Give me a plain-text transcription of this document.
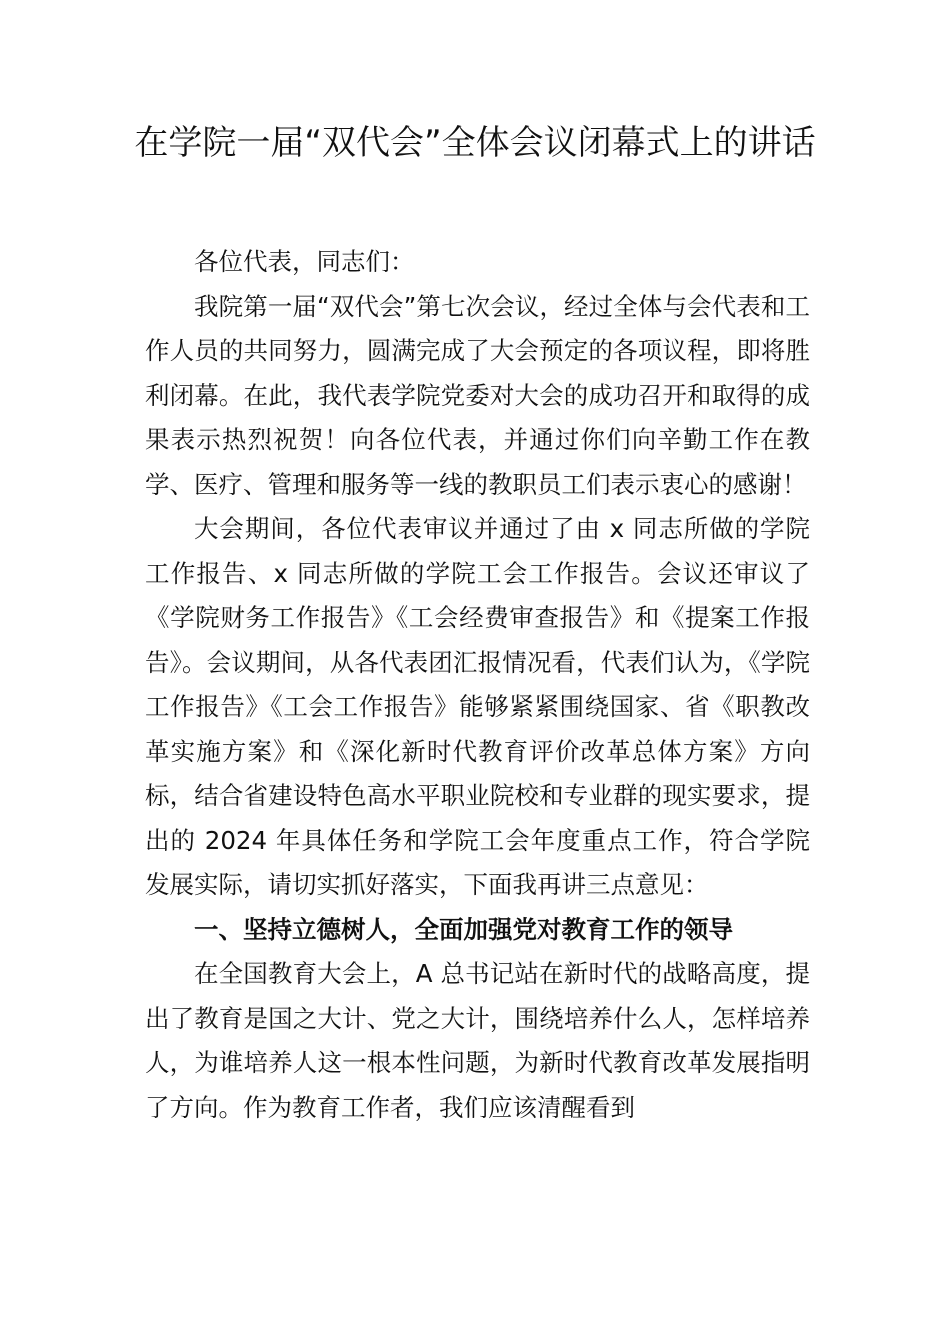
在学院一届“双代会”全体会议闭幕式上的讲话

各位代表，同志们：

我院第一届“双代会”第七次会议，经过全体与会代表和工作人员的共同努力，圆满完成了大会预定的各项议程，即将胜利闭幕。在此，我代表学院党委对大会的成功召开和取得的成果表示热烈祝贺！向各位代表，并通过你们向辛勤工作在教学、医疗、管理和服务等一线的教职员工们表示衷心的感谢！

大会期间，各位代表审议并通过了由 x 同志所做的学院工作报告、x 同志所做的学院工会工作报告。会议还审议了《学院财务工作报告》《工会经费审查报告》和《提案工作报告》。会议期间，从各代表团汇报情况看，代表们认为，《学院工作报告》《工会工作报告》能够紧紧围绕国家、省《职教改革实施方案》和《深化新时代教育评价改革总体方案》方向标，结合省建设特色高水平职业院校和专业群的现实要求，提出的 2024 年具体任务和学院工会年度重点工作，符合学院发展实际，请切实抓好落实，下面我再讲三点意见：

一、坚持立德树人，全面加强党对教育工作的领导

在全国教育大会上，A 总书记站在新时代的战略高度，提出了教育是国之大计、党之大计，围绕培养什么人，怎样培养人，为谁培养人这一根本性问题，为新时代教育改革发展指明了方向。作为教育工作者，我们应该清醒看到
